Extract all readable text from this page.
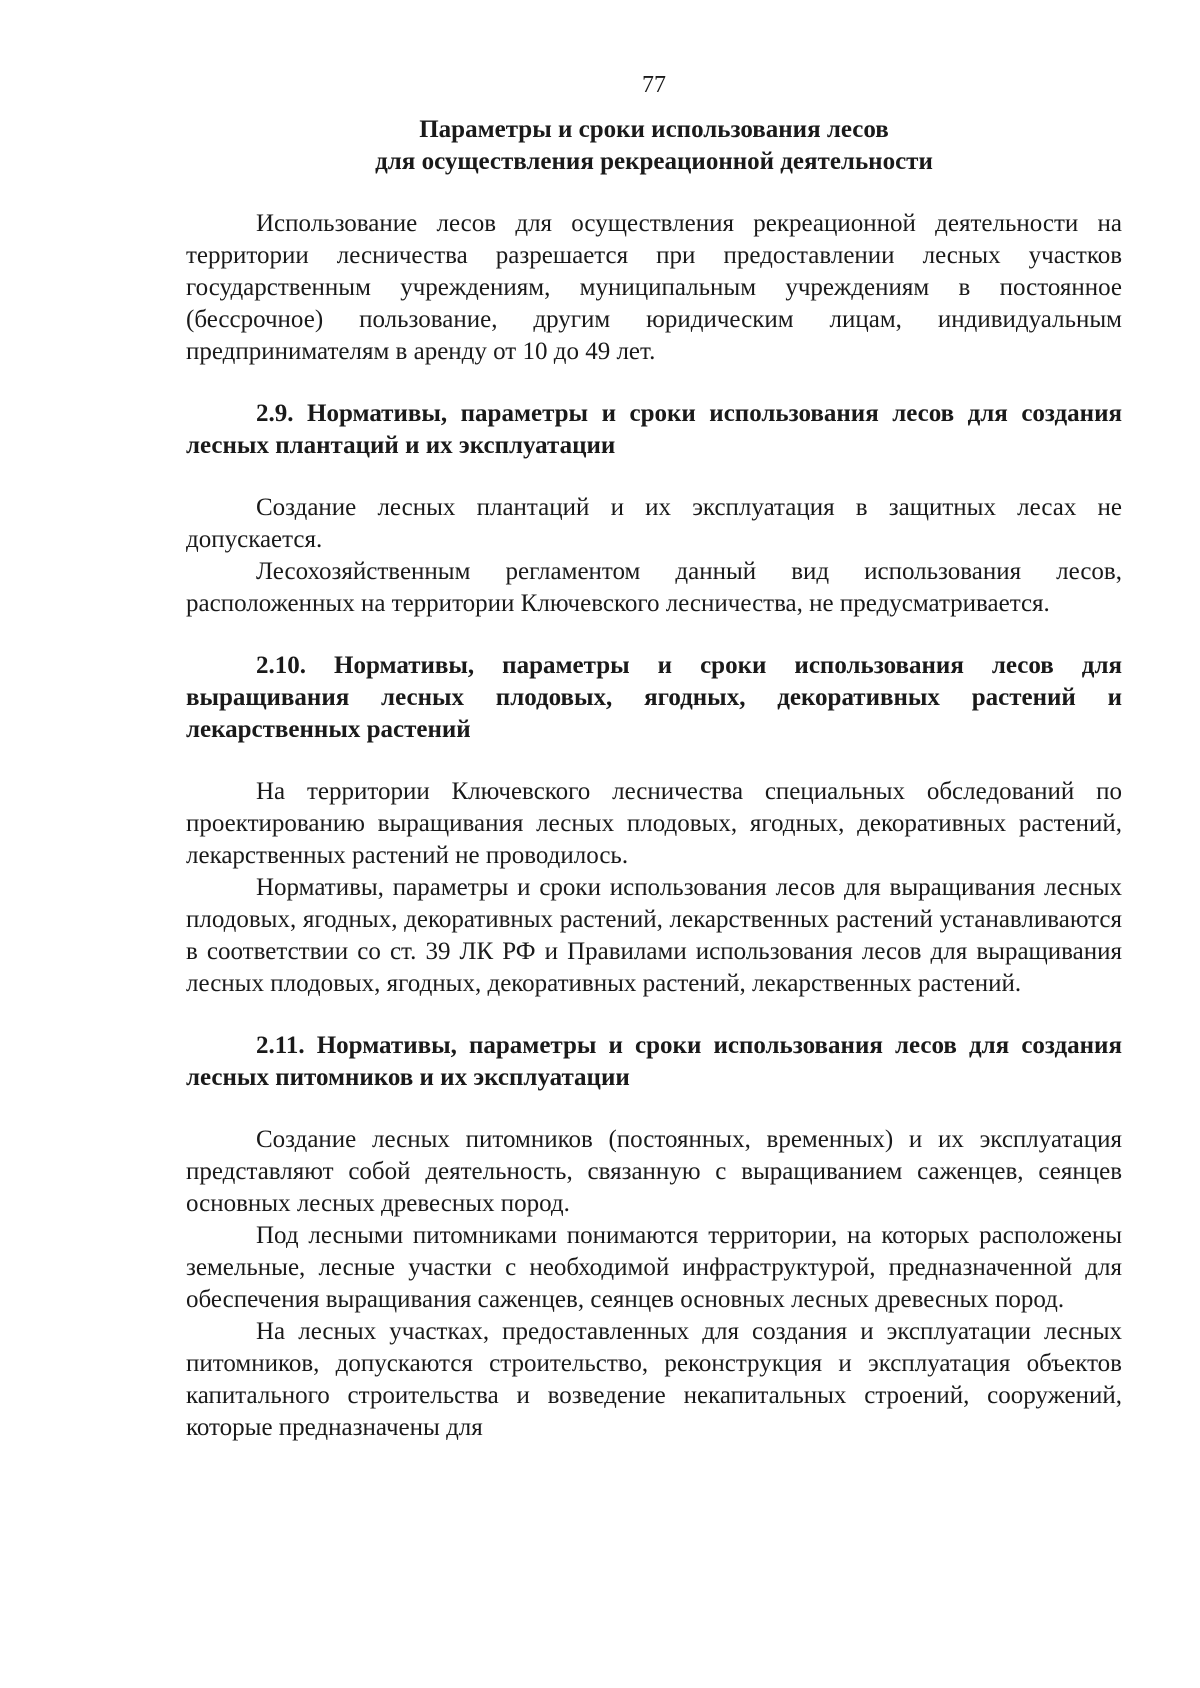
77
Параметры и сроки использования лесов
для осуществления рекреационной деятельности

Использование лесов для осуществления рекреационной деятельности на территории лесничества разрешается при предоставлении лесных участков государственным учреждениям, муниципальным учреждениям в постоянное (бессрочное) пользование, другим юридическим лицам, индивидуальным предпринимателям в аренду от 10 до 49 лет.

2.9. Нормативы, параметры и сроки использования лесов для создания лесных плантаций и их эксплуатации

Создание лесных плантаций и их эксплуатация в защитных лесах не допускается.

Лесохозяйственным регламентом данный вид использования лесов, расположенных на территории Ключевского лесничества, не предусматривается.

2.10. Нормативы, параметры и сроки использования лесов для выращивания лесных плодовых, ягодных, декоративных растений и лекарственных растений

На территории Ключевского лесничества специальных обследований по проектированию выращивания лесных плодовых, ягодных, декоративных растений, лекарственных растений не проводилось.

Нормативы, параметры и сроки использования лесов для выращивания лесных плодовых, ягодных, декоративных растений, лекарственных растений устанавливаются в соответствии со ст. 39 ЛК РФ и Правилами использования лесов для выращивания лесных плодовых, ягодных, декоративных растений, лекарственных растений.

2.11. Нормативы, параметры и сроки использования лесов для создания лесных питомников и их эксплуатации

Создание лесных питомников (постоянных, временных) и их эксплуатация представляют собой деятельность, связанную с выращиванием саженцев, сеянцев основных лесных древесных пород.

Под лесными питомниками понимаются территории, на которых расположены земельные, лесные участки с необходимой инфраструктурой, предназначенной для обеспечения выращивания саженцев, сеянцев основных лесных древесных пород.

На лесных участках, предоставленных для создания и эксплуатации лесных питомников, допускаются строительство, реконструкция и эксплуатация объектов капитального строительства и возведение некапитальных строений, сооружений, которые предназначены для
